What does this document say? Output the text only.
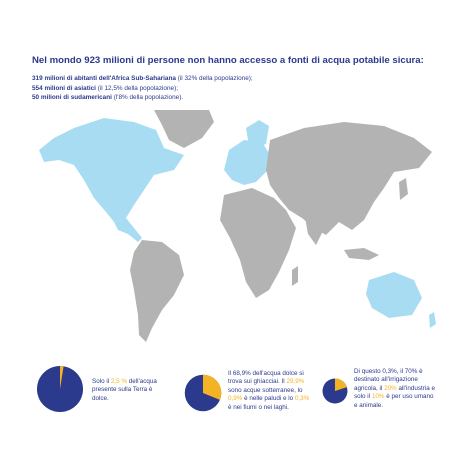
Nel mondo 923 milioni di persone non hanno accesso a fonti di acqua potabile sicura:
319 milioni di abitanti dell'Africa Sub-Sahariana (il 32% della popolazione);
554 milioni di asiatici (il 12,5% della popolazione);
50 milioni di sudamericani (l'8% della popolazione).
Solo il 2,5 % dell'acqua presente sulla Terra è dolce.
Il 68,9% dell'acqua dolce si trova sui ghiacciai. Il 29,9% sono acque sotterranee, lo 0,9% è nelle paludi e lo 0,3% è nei fiumi o nei laghi.
Di questo 0,3%, il 70% è destinato all'irrigazione agricola, il 20% all'industria e solo il 10% è per uso umano e animale.
